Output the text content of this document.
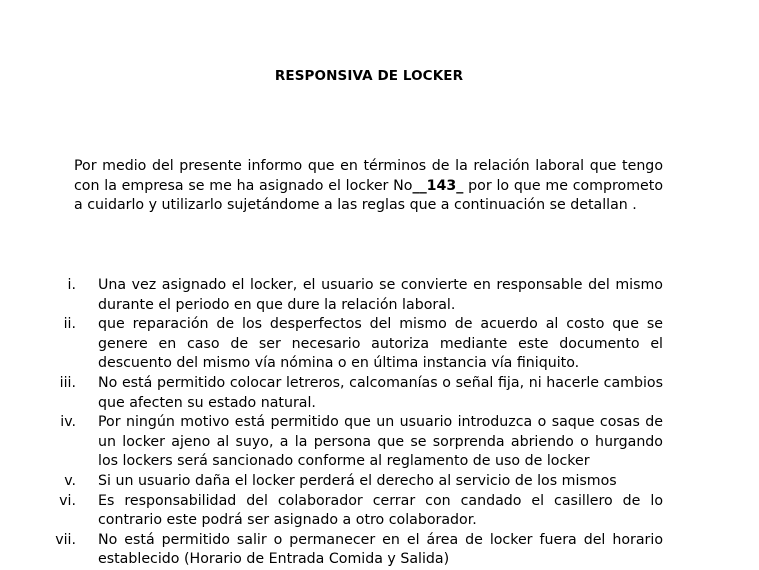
RESPONSIVA DE LOCKER
Por medio del presente informo que en términos de la relación laboral que tengo con la empresa se me ha asignado el locker No__143_ por lo que me comprometo a cuidarlo y utilizarlo sujetándome a las reglas que a continuación se detallan .
i. Una vez asignado el locker, el usuario se convierte en responsable del mismo durante el periodo en que dure la relación laboral.
ii. que reparación de los desperfectos del mismo de acuerdo al costo que se genere en caso de ser necesario autoriza mediante este documento el descuento del mismo vía nómina o en última instancia vía finiquito.
iii. No está permitido colocar letreros, calcomanías o señal fija, ni hacerle cambios que afecten su estado natural.
iv. Por ningún motivo está permitido que un usuario introduzca o saque cosas de un locker ajeno al suyo, a la persona que se sorprenda abriendo o hurgando los lockers será sancionado conforme al reglamento de uso de locker
v. Si un usuario daña el locker perderá el derecho al servicio de los mismos
vi. Es responsabilidad del colaborador cerrar con candado el casillero de lo contrario este podrá ser asignado a otro colaborador.
vii. No está permitido salir o permanecer en el área de locker fuera del horario establecido (Horario de Entrada Comida y Salida)
